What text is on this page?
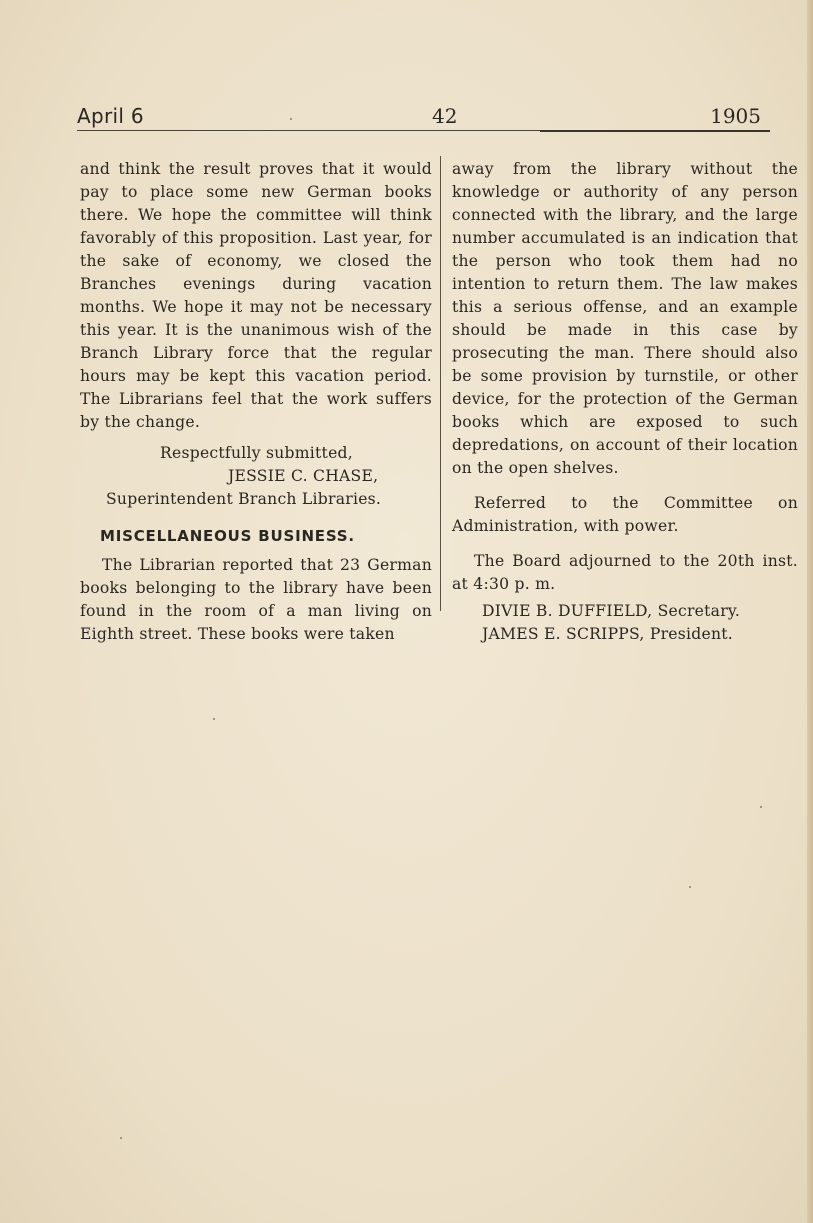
April 6	42	1905

and think the result proves that it would pay to place some new German books there. We hope the committee will think favorably of this proposition. Last year, for the sake of economy, we closed the Branches evenings during vacation months. We hope it may not be necessary this year. It is the unanimous wish of the Branch Library force that the regular hours may be kept this vacation period. The Librarians feel that the work suffers by the change.

Respectfully submitted,

JESSIE C. CHASE,

Superintendent Branch Libraries.

MISCELLANEOUS BUSINESS.

The Librarian reported that 23 German books belonging to the library have been found in the room of a man living on Eighth street. These books were taken

away from the library without the knowledge or authority of any person connected with the library, and the large number accumulated is an indication that the person who took them had no intention to return them. The law makes this a serious offense, and an example should be made in this case by prosecuting the man. There should also be some provision by turnstile, or other device, for the protection of the German books which are exposed to such depredations, on account of their location on the open shelves.

Referred to the Committee on Administration, with power.

The Board adjourned to the 20th inst. at 4:30 p. m.

DIVIE B. DUFFIELD, Secretary.

JAMES E. SCRIPPS, President.
